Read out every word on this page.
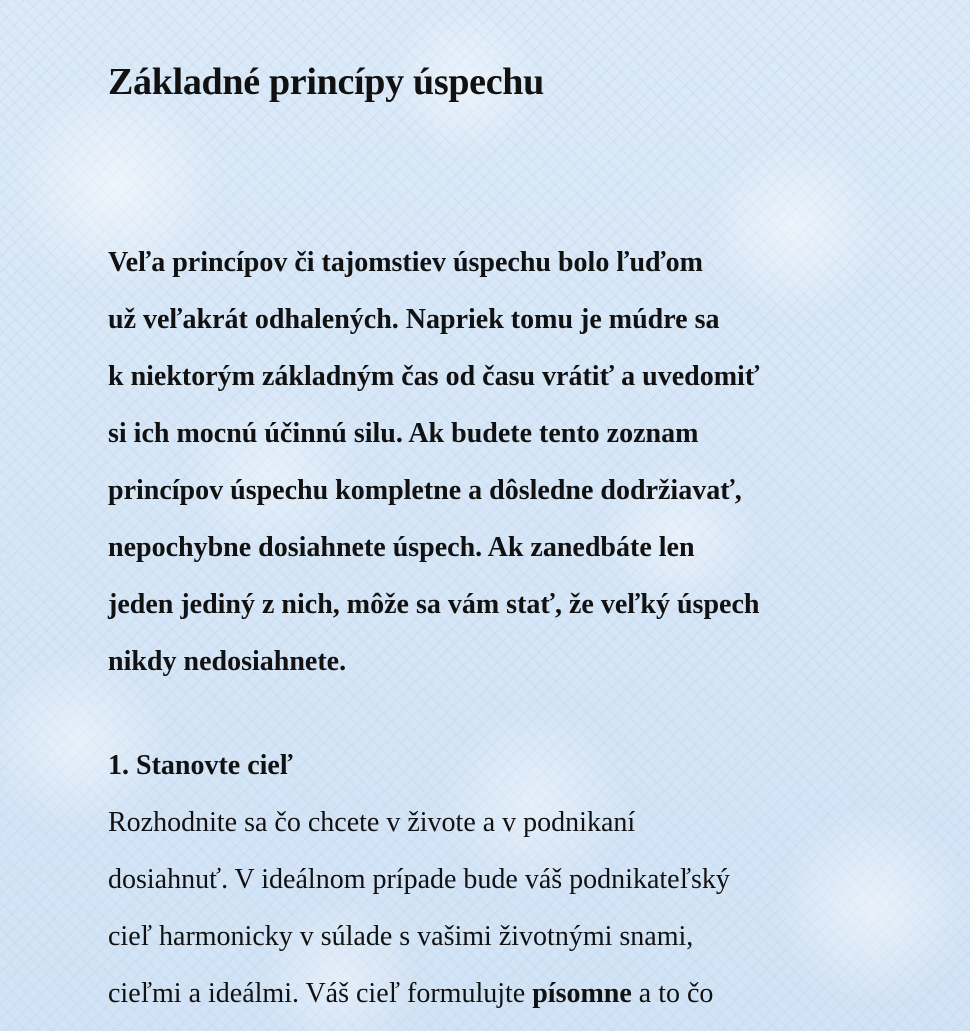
Základné princípy úspechu
Veľa princípov či tajomstiev úspechu bolo ľuďom
už veľakrát odhalených. Napriek tomu je múdre sa
k niektorým základným čas od času vrátiť a uvedomiť
si ich mocnú účinnú silu. Ak budete tento zoznam
princípov úspechu kompletne a dôsledne dodržiavať,
nepochybne dosiahnete úspech. Ak zanedbáte len
jeden jediný z nich, môže sa vám stať, že veľký úspech
nikdy nedosiahnete.
1. Stanovte cieľ
Rozhodnite sa čo chcete v živote a v podnikaní
dosiahnuť. V ideálnom prípade bude váš podnikateľský
cieľ harmonicky v súlade s vašimi životnými snami,
cieľmi a ideálmi. Váš cieľ formulujte písomne a to čo
